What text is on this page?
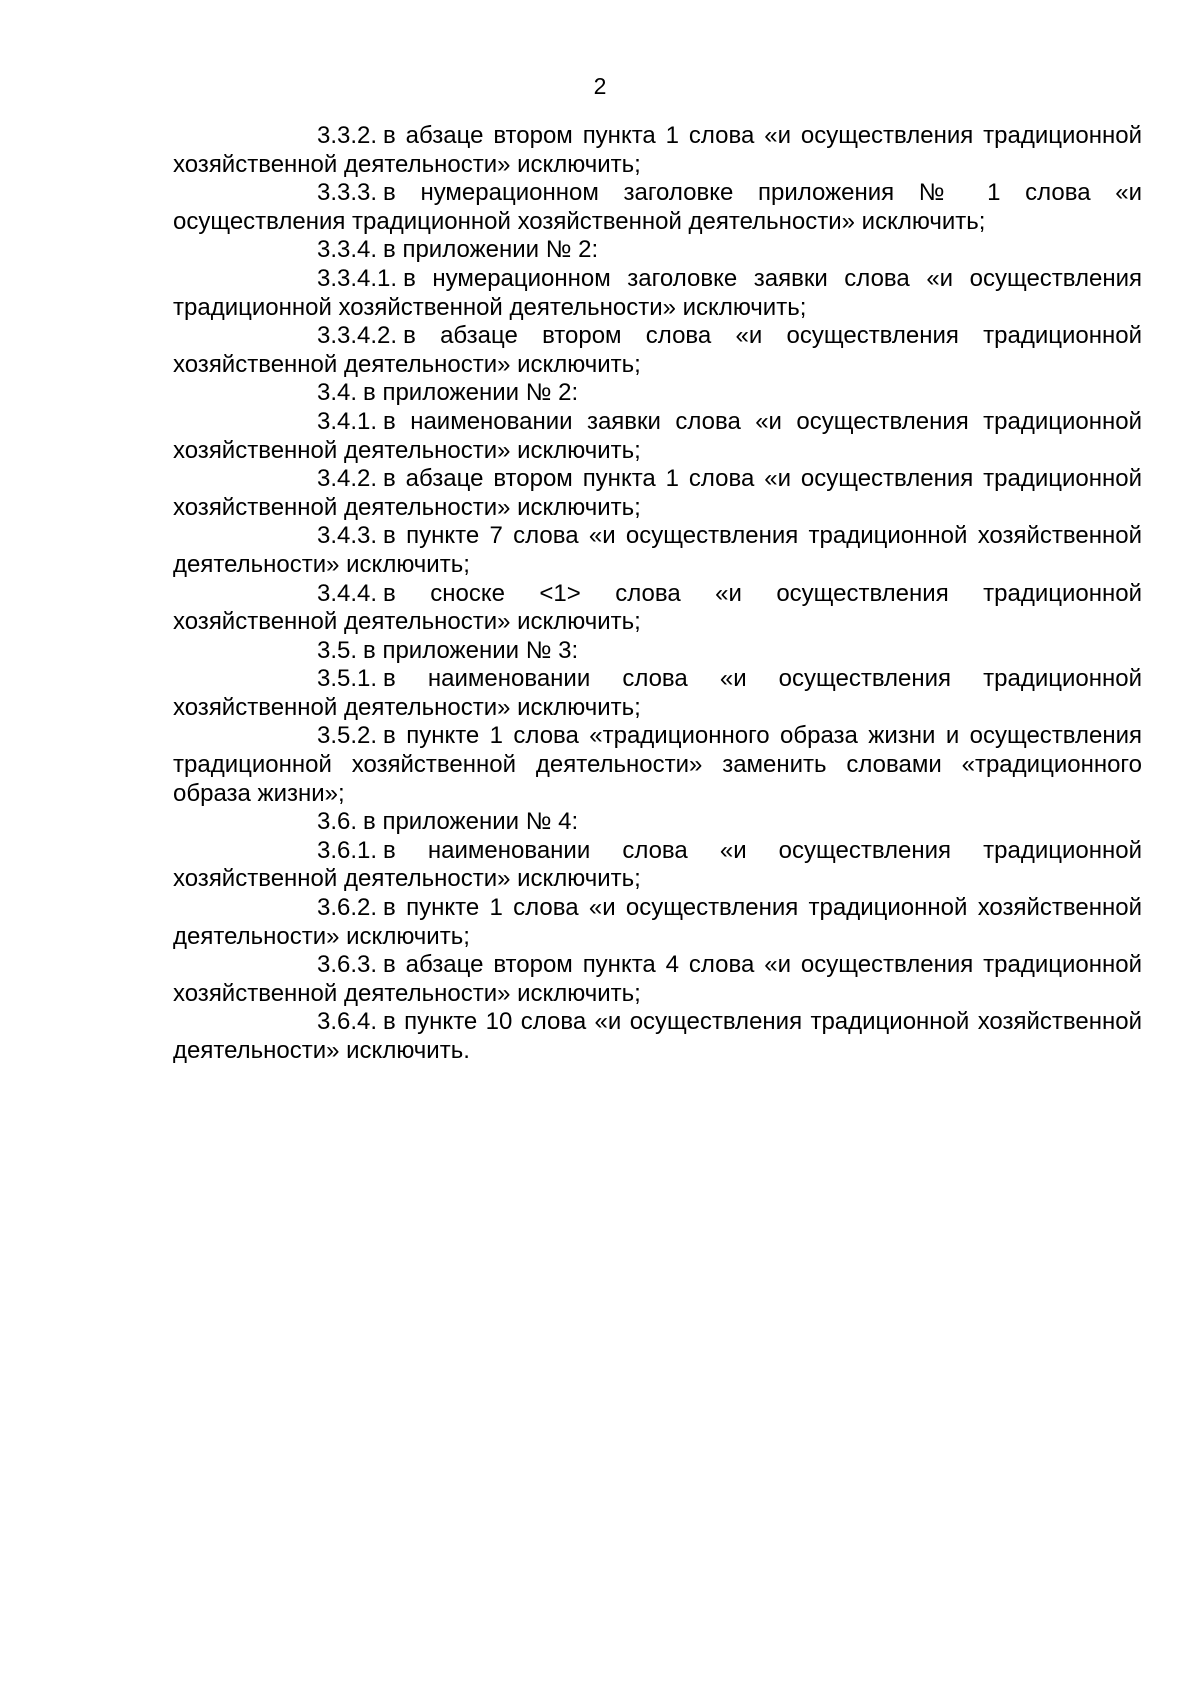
2

3.3.2. в абзаце втором пункта 1 слова «и осуществления традиционной хозяйственной деятельности» исключить;

3.3.3. в нумерационном заголовке приложения № 1 слова «и осуществления традиционной хозяйственной деятельности» исключить;

3.3.4. в приложении № 2:

3.3.4.1. в нумерационном заголовке заявки слова «и осуществления традиционной хозяйственной деятельности» исключить;

3.3.4.2. в абзаце втором слова «и осуществления традиционной хозяйственной деятельности» исключить;

3.4. в приложении № 2:

3.4.1. в наименовании заявки слова «и осуществления традиционной хозяйственной деятельности» исключить;

3.4.2. в абзаце втором пункта 1 слова «и осуществления традиционной хозяйственной деятельности» исключить;

3.4.3. в пункте 7 слова «и осуществления традиционной хозяйственной деятельности» исключить;

3.4.4. в сноске <1> слова «и осуществления традиционной хозяйственной деятельности» исключить;

3.5. в приложении № 3:

3.5.1. в наименовании слова «и осуществления традиционной хозяйственной деятельности» исключить;

3.5.2. в пункте 1 слова «традиционного образа жизни и осуществления традиционной хозяйственной деятельности» заменить словами «традиционного образа жизни»;

3.6. в приложении № 4:

3.6.1. в наименовании слова «и осуществления традиционной хозяйственной деятельности» исключить;

3.6.2. в пункте 1 слова «и осуществления традиционной хозяйственной деятельности» исключить;

3.6.3. в абзаце втором пункта 4 слова «и осуществления традиционной хозяйственной деятельности» исключить;

3.6.4. в пункте 10 слова «и осуществления традиционной хозяйственной деятельности» исключить.
